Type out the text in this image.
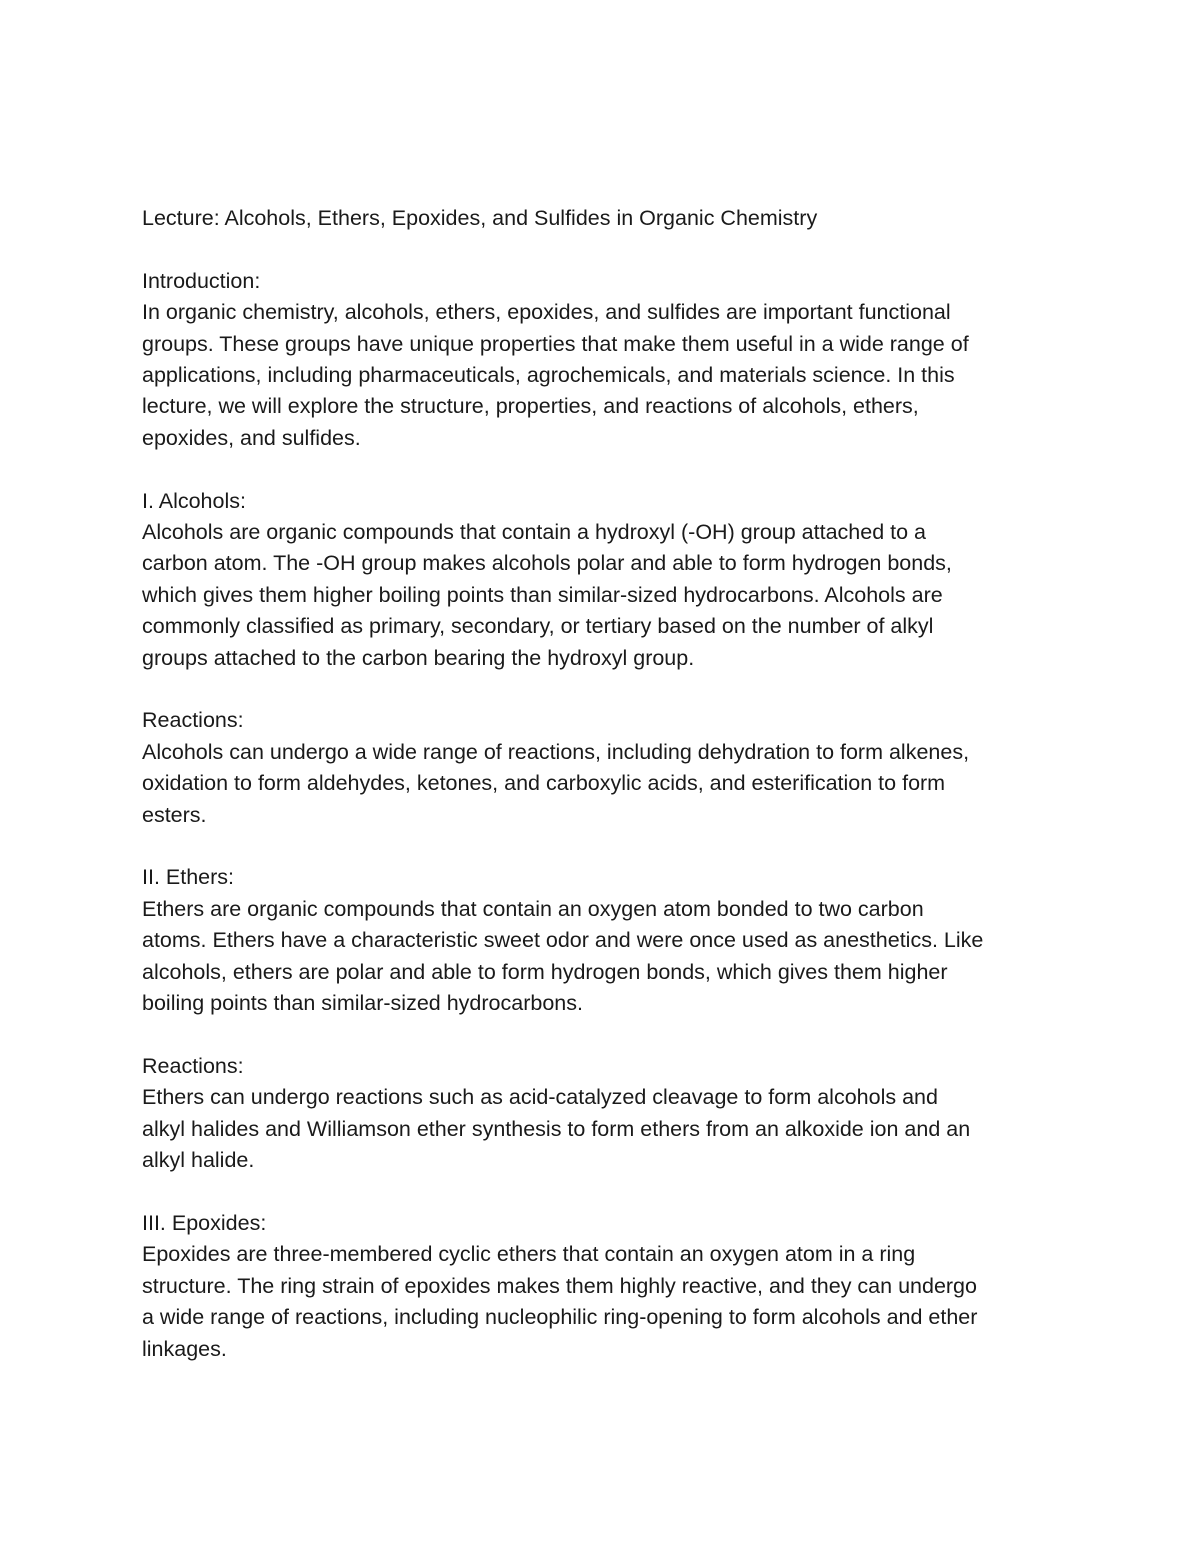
Lecture: Alcohols, Ethers, Epoxides, and Sulfides in Organic Chemistry

Introduction:

In organic chemistry, alcohols, ethers, epoxides, and sulfides are important functional

groups. These groups have unique properties that make them useful in a wide range of

applications, including pharmaceuticals, agrochemicals, and materials science. In this

lecture, we will explore the structure, properties, and reactions of alcohols, ethers,

epoxides, and sulfides.

I. Alcohols:

Alcohols are organic compounds that contain a hydroxyl (-OH) group attached to a

carbon atom. The -OH group makes alcohols polar and able to form hydrogen bonds,

which gives them higher boiling points than similar-sized hydrocarbons. Alcohols are

commonly classified as primary, secondary, or tertiary based on the number of alkyl

groups attached to the carbon bearing the hydroxyl group.

Reactions:

Alcohols can undergo a wide range of reactions, including dehydration to form alkenes,

oxidation to form aldehydes, ketones, and carboxylic acids, and esterification to form

esters.

II. Ethers:

Ethers are organic compounds that contain an oxygen atom bonded to two carbon

atoms. Ethers have a characteristic sweet odor and were once used as anesthetics. Like

alcohols, ethers are polar and able to form hydrogen bonds, which gives them higher

boiling points than similar-sized hydrocarbons.

Reactions:

Ethers can undergo reactions such as acid-catalyzed cleavage to form alcohols and

alkyl halides and Williamson ether synthesis to form ethers from an alkoxide ion and an

alkyl halide.

III. Epoxides:

Epoxides are three-membered cyclic ethers that contain an oxygen atom in a ring

structure. The ring strain of epoxides makes them highly reactive, and they can undergo

a wide range of reactions, including nucleophilic ring-opening to form alcohols and ether

linkages.
